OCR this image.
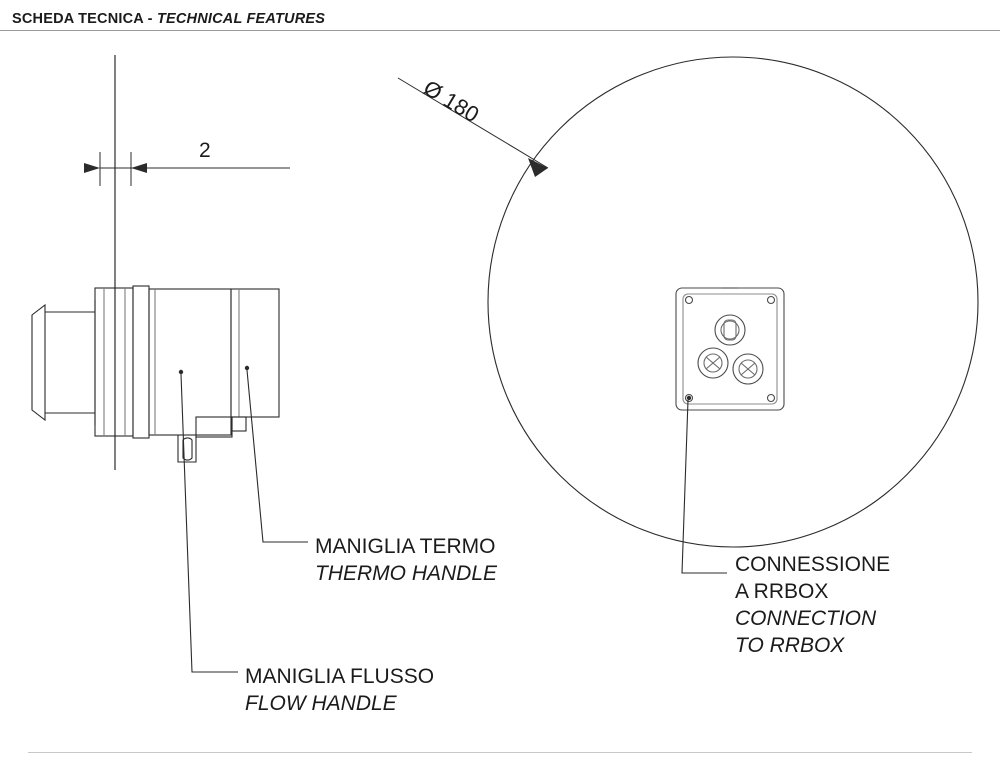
SCHEDA TECNICA - TECHNICAL FEATURES
2
Ø 180
MANIGLIA TERMO
THERMO HANDLE
MANIGLIA FLUSSO
FLOW HANDLE
CONNESSIONE
A RRBOX
CONNECTION
TO RRBOX
